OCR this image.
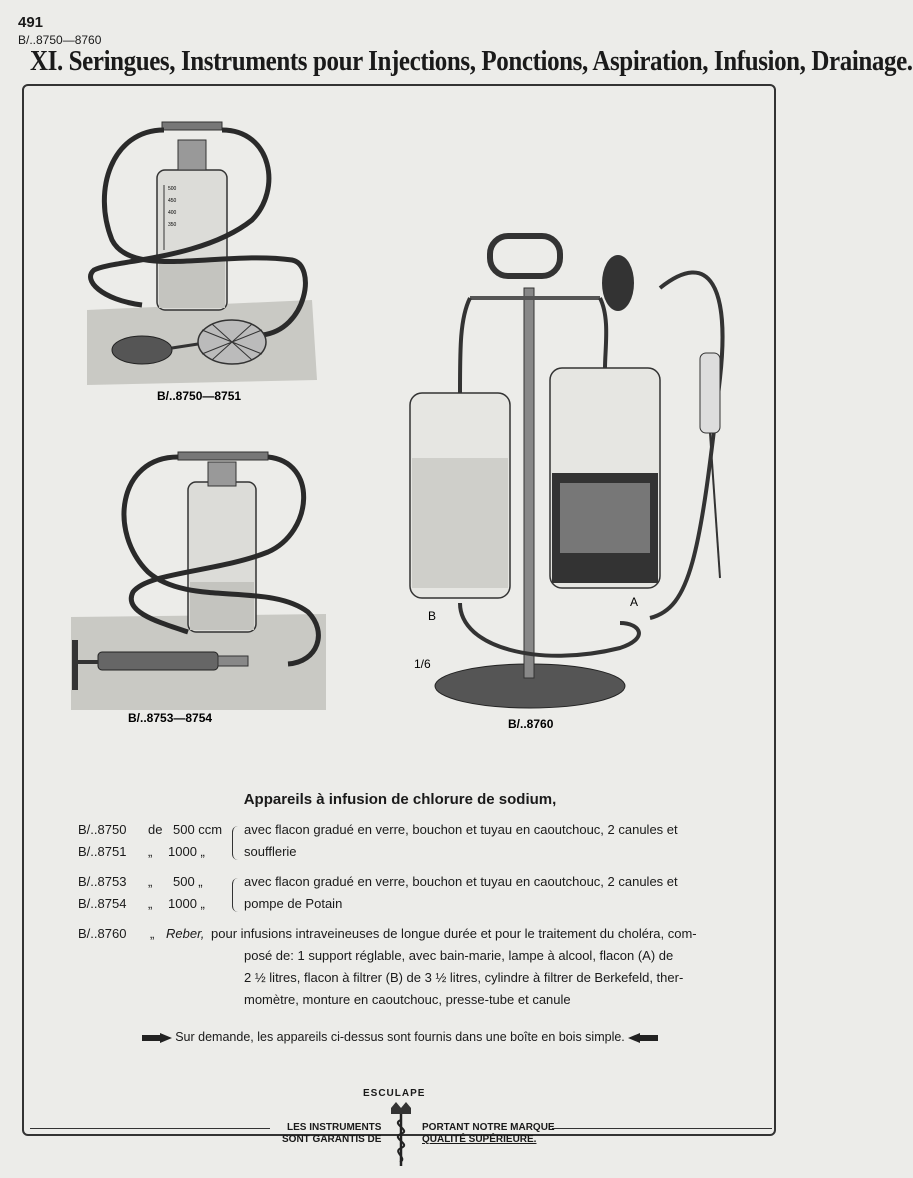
491
B/..8750—8760
XI. Seringues, Instruments pour Injections, Ponctions, Aspiration, Infusion, Drainage.
500
450
400
350
B/..8750—8751
B/..8753—8754
B
A
1/6
B/..8760
Appareils à infusion de chlorure de sodium,
B/..8750 de 500 ccm
B/..8751 „ 1000 „
avec flacon gradué en verre, bouchon et tuyau en caoutchouc, 2 canules et
soufflerie
B/..8753 „ 500 „
B/..8754 „ 1000 „
avec flacon gradué en verre, bouchon et tuyau en caoutchouc, 2 canules et
pompe de Potain
B/..8760 „ Reber, pour infusions intraveineuses de longue durée et pour le traitement du choléra, com-
posé de: 1 support réglable, avec bain-marie, lampe à alcool, flacon (A) de
2 ½ litres, flacon à filtrer (B) de 3 ½ litres, cylindre à filtrer de Berkefeld, ther-
momètre, monture en caoutchouc, presse-tube et canule
Sur demande, les appareils ci-dessus sont fournis dans une boîte en bois simple.
LES INSTRUMENTS
SONT GARANTIS DE
PORTANT NOTRE MARQUE
QUALITÉ SUPÉRIEURE.
ESCULAPE
